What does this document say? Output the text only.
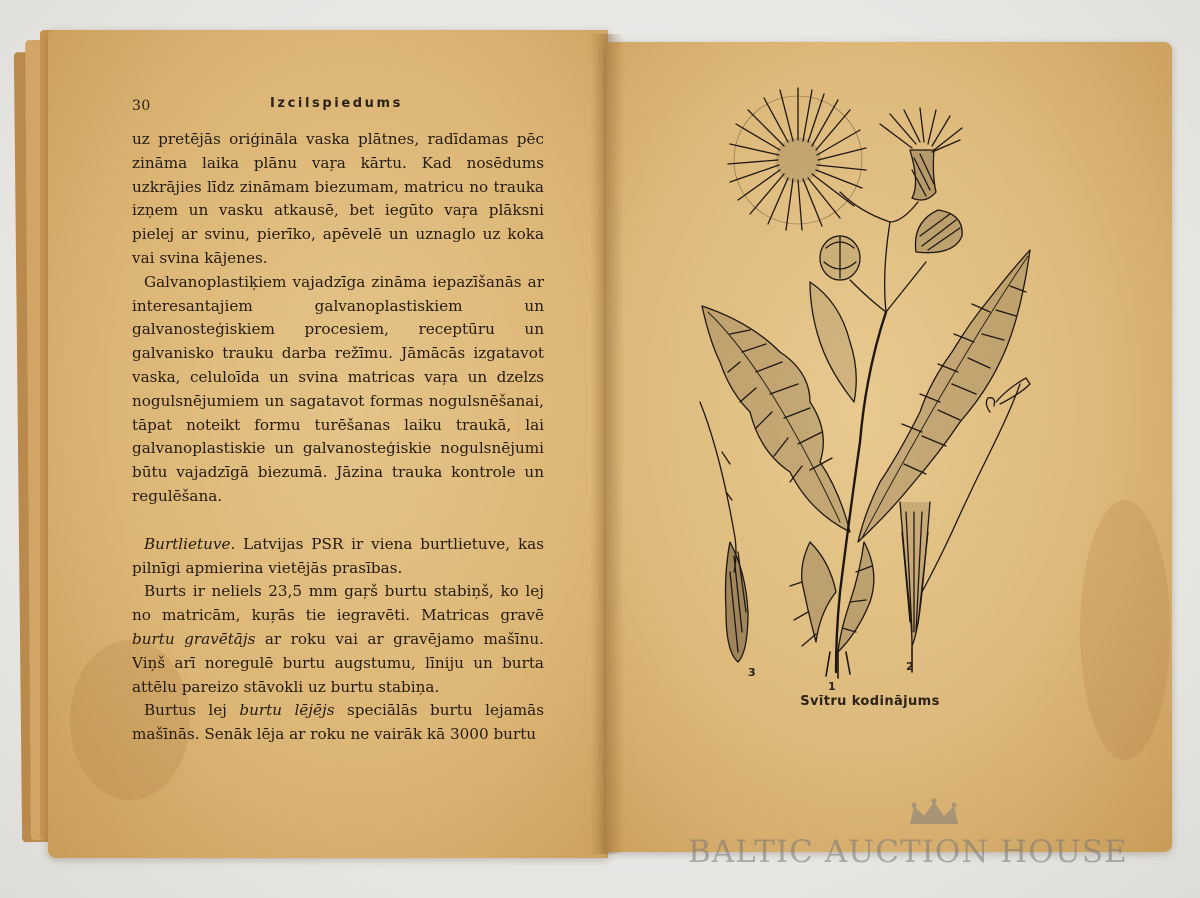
30	Izcilspiedums

uz pretējās oriģināla vaska plātnes, radīdamas pēc zināma laika plānu vaŗa kārtu. Kad nosēdums uzkrājies līdz zināmam biezumam, matricu no trauka izņem un vasku atkausē, bet iegūto vaŗa plāksni pielej ar svinu, pierīko, apēvelē un uznaglo uz koka vai svina kājenes.

Galvanoplastiķiem vajadzīga zināma iepazīšanās ar interesantajiem galvanoplastiskiem un galvanosteģiskiem procesiem, receptūru un galvanisko trauku darba režīmu. Jāmācās izgatavot vaska, celuloīda un svina matricas vaŗa un dzelzs nogulsnējumiem un sagatavot formas nogulsnēšanai, tāpat noteikt formu turēšanas laiku traukā, lai galvanoplastiskie un galvanosteģiskie nogulsnējumi būtu vajadzīgā biezumā. Jāzina trauka kontrole un regulēšana.

Burtlietuve. Latvijas PSR ir viena burtlietuve, kas pilnīgi apmierina vietējās prasības.

Burts ir neliels 23,5 mm gaŗš burtu stabiņš, ko lej no matricām, kuŗās tie iegravēti. Matricas gravē burtu gravētājs ar roku vai ar gravējamo mašīnu. Viņš arī noregulē burtu augstumu, līniju un burta attēlu pareizo stāvokli uz burtu stabiņa.

Burtus lej burtu lējējs speciālās burtu lejamās mašīnās. Senāk lēja ar roku ne vairāk kā 3000 burtu

3
1
2
Svītru kodinājums
BALTIC AUCTION HOUSE
